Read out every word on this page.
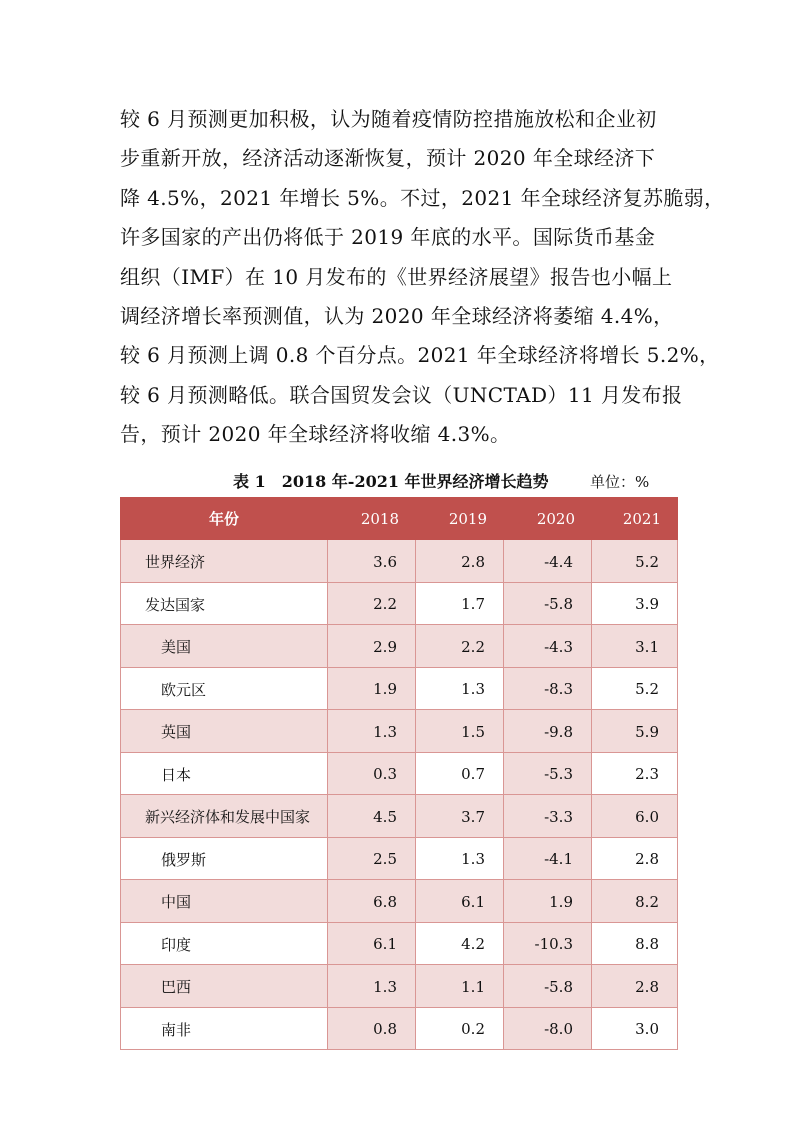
较 6 月预测更加积极，认为随着疫情防控措施放松和企业初

步重新开放，经济活动逐渐恢复，预计 2020 年全球经济下

降 4.5%，2021 年增长 5%。不过，2021 年全球经济复苏脆弱，

许多国家的产出仍将低于 2019 年底的水平。国际货币基金

组织（IMF）在 10 月发布的《世界经济展望》报告也小幅上

调经济增长率预测值，认为 2020 年全球经济将萎缩 4.4%，

较 6 月预测上调 0.8 个百分点。2021 年全球经济将增长 5.2%，

较 6 月预测略低。联合国贸发会议（UNCTAD）11 月发布报

告，预计 2020 年全球经济将收缩 4.3%。

表 1　2018 年-2021 年世界经济增长趋势	单位：%
年份	2018	2019	2020	2021
世界经济	3.6	2.8	-4.4	5.2
发达国家	2.2	1.7	-5.8	3.9
美国	2.9	2.2	-4.3	3.1
欧元区	1.9	1.3	-8.3	5.2
英国	1.3	1.5	-9.8	5.9
日本	0.3	0.7	-5.3	2.3
新兴经济体和发展中国家	4.5	3.7	-3.3	6.0
俄罗斯	2.5	1.3	-4.1	2.8
中国	6.8	6.1	1.9	8.2
印度	6.1	4.2	-10.3	8.8
巴西	1.3	1.1	-5.8	2.8
南非	0.8	0.2	-8.0	3.0
